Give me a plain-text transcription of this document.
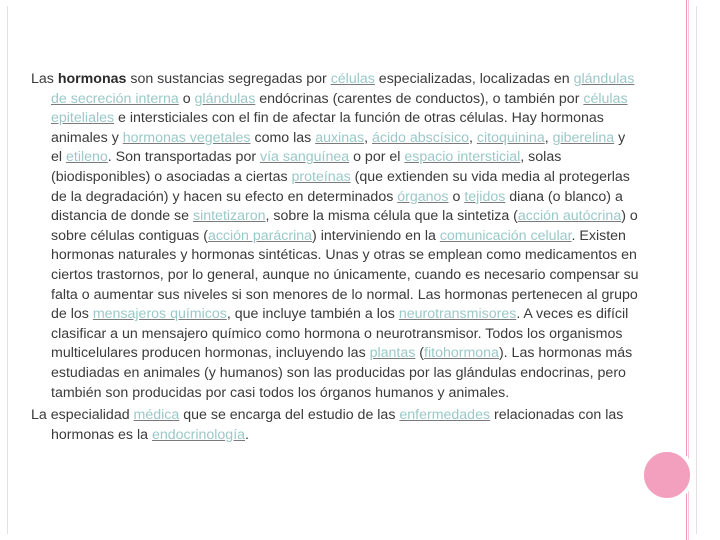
Las hormonas son sustancias segregadas por células especializadas, localizadas en glándulas de secreción interna o glándulas endócrinas (carentes de conductos), o también por células epiteliales e intersticiales con el fin de afectar la función de otras células. Hay hormonas animales y hormonas vegetales como las auxinas, ácido abscísico, citoquinina, giberelina y el etileno. Son transportadas por vía sanguínea o por el espacio intersticial, solas (biodisponibles) o asociadas a ciertas proteínas (que extienden su vida media al protegerlas de la degradación) y hacen su efecto en determinados órganos o tejidos diana (o blanco) a distancia de donde se sintetizaron, sobre la misma célula que la sintetiza (acción autócrina) o sobre células contiguas (acción parácrina) interviniendo en la comunicación celular. Existen hormonas naturales y hormonas sintéticas. Unas y otras se emplean como medicamentos en ciertos trastornos, por lo general, aunque no únicamente, cuando es necesario compensar su falta o aumentar sus niveles si son menores de lo normal. Las hormonas pertenecen al grupo de los mensajeros químicos, que incluye también a los neurotransmisores. A veces es difícil clasificar a un mensajero químico como hormona o neurotransmisor. Todos los organismos multicelulares producen hormonas, incluyendo las plantas (fitohormona). Las hormonas más estudiadas en animales (y humanos) son las producidas por las glándulas endocrinas, pero también son producidas por casi todos los órganos humanos y animales.

La especialidad médica que se encarga del estudio de las enfermedades relacionadas con las hormonas es la endocrinología.
